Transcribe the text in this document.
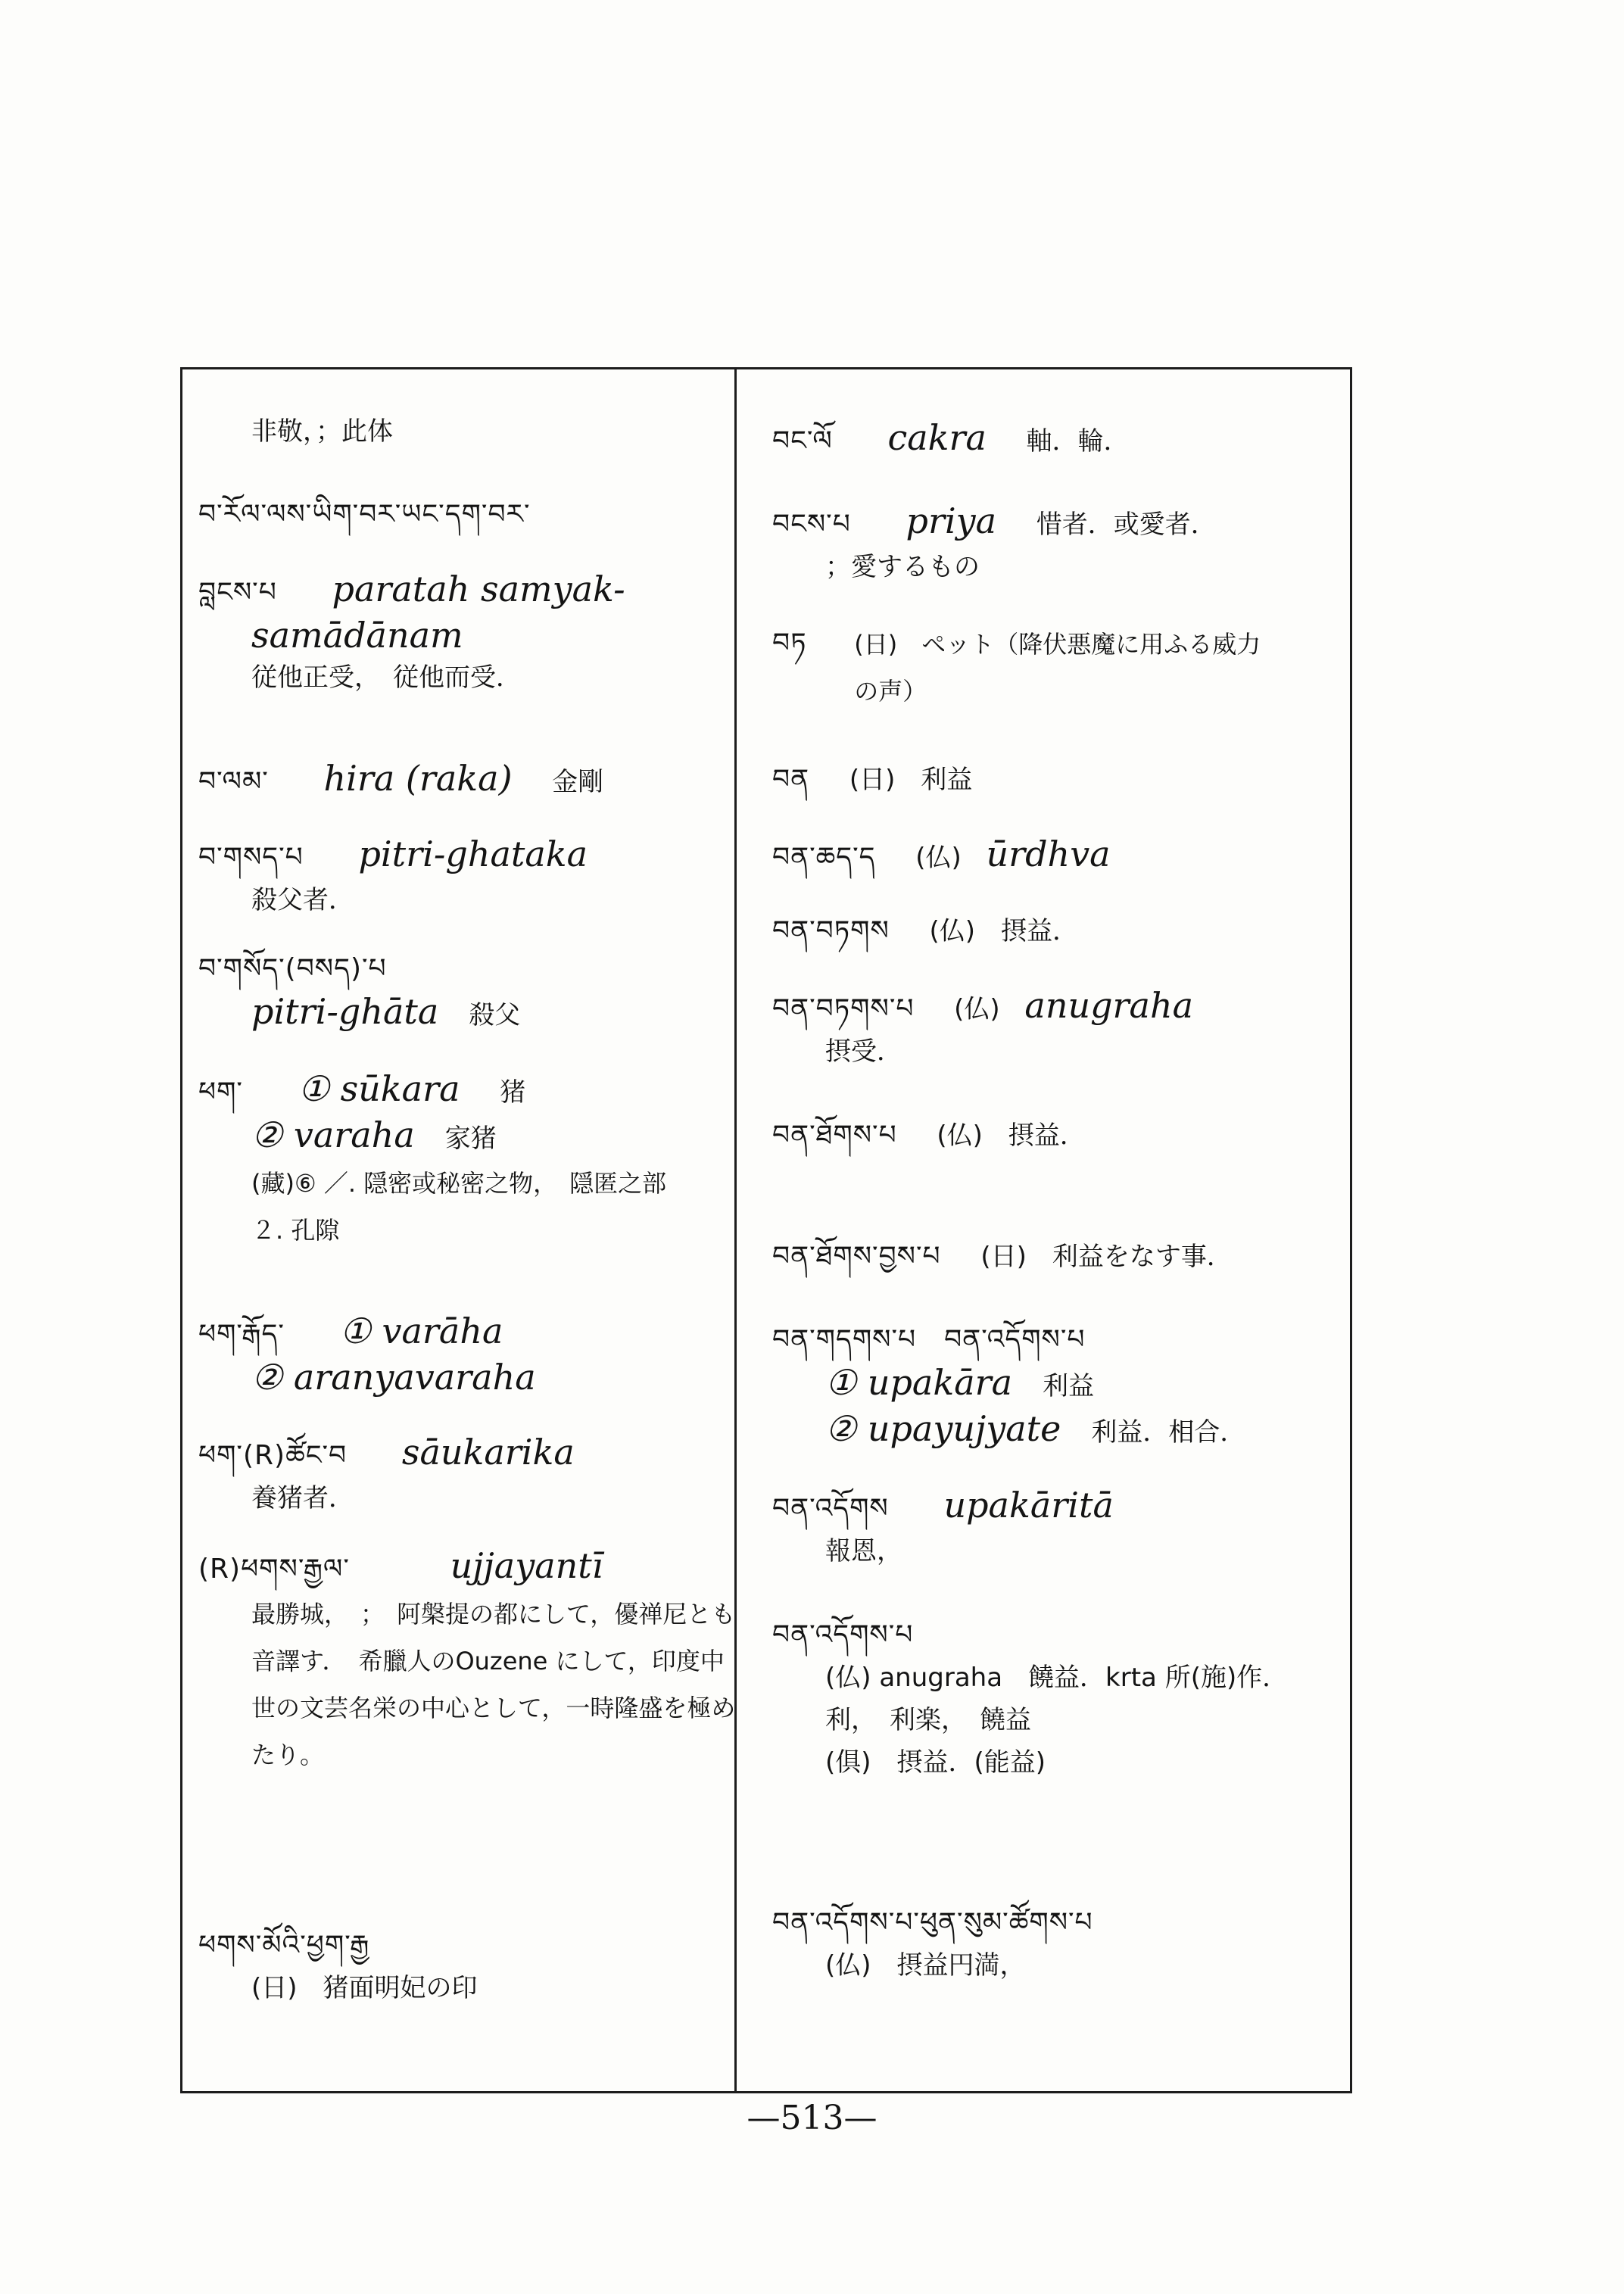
非敬，；此体
བ་ཪོལ་ལས་ཡིག་བར་ཡང་དག་བར་
བླངས་པ paratah samyak-
samādānam
従他正受，　従他而受．
བ་ལམ་ hira (raka) 金剛
བ་གསད་པ pitri-ghataka
殺父者．
བ་གསོད་(བསད)་པ
pitri-ghāta 殺父
ཕག་ ① sūkara 猪
② varaha 家猪
(藏)⑥ ／. 隠密或秘密之物，　隠匿之部　　２. 孔隙
ཕག་རྒོད་ ① varāha
② aranyavaraha
ཕག་(R)ཚོང་བ sāukarika
養猪者．
(R)ཕགས་རྒྱལ་	ujjayantī
最勝城，　；　阿槃提の都にして，優禅尼とも音譯す．　希臘人のOuzene にして，印度中世の文芸名栄の中心として，一時隆盛を極めたり。
ཕགས་མོའི་ཕྱག་རྒྱ
(日)　猪面明妃の印
བང་ལོ cakra 軸．輪．
བངས་པ priya 惜者．或愛者．
；愛するもの
བཏ (日)　ペット（降伏悪魔に用ふる威力の声）
བན (日)　利益
བན་ཆད་ད (仏) ūrdhva
བན་བཏགས (仏)　摂益．
བན་བཏགས་པ (仏) anugraha
摂受．
བན་ཐོགས་པ (仏)　摂益．
བན་ཐོགས་བྱས་པ (日)　利益をなす事．
བན་གདགས་པ　བན་འདོགས་པ
① upakāra 利益
② upayujyate 利益．相合．
བན་འདོགས upakāritā
報恩，
བན་འདོགས་པ
(仏) anugraha　饒益．krta 所(施)作．
利，　利楽，　饒益
(俱)　摂益．(能益)
བན་འདོགས་པ་ཕུན་སུམ་ཚོགས་པ
(仏)　摂益円満，
—513—
